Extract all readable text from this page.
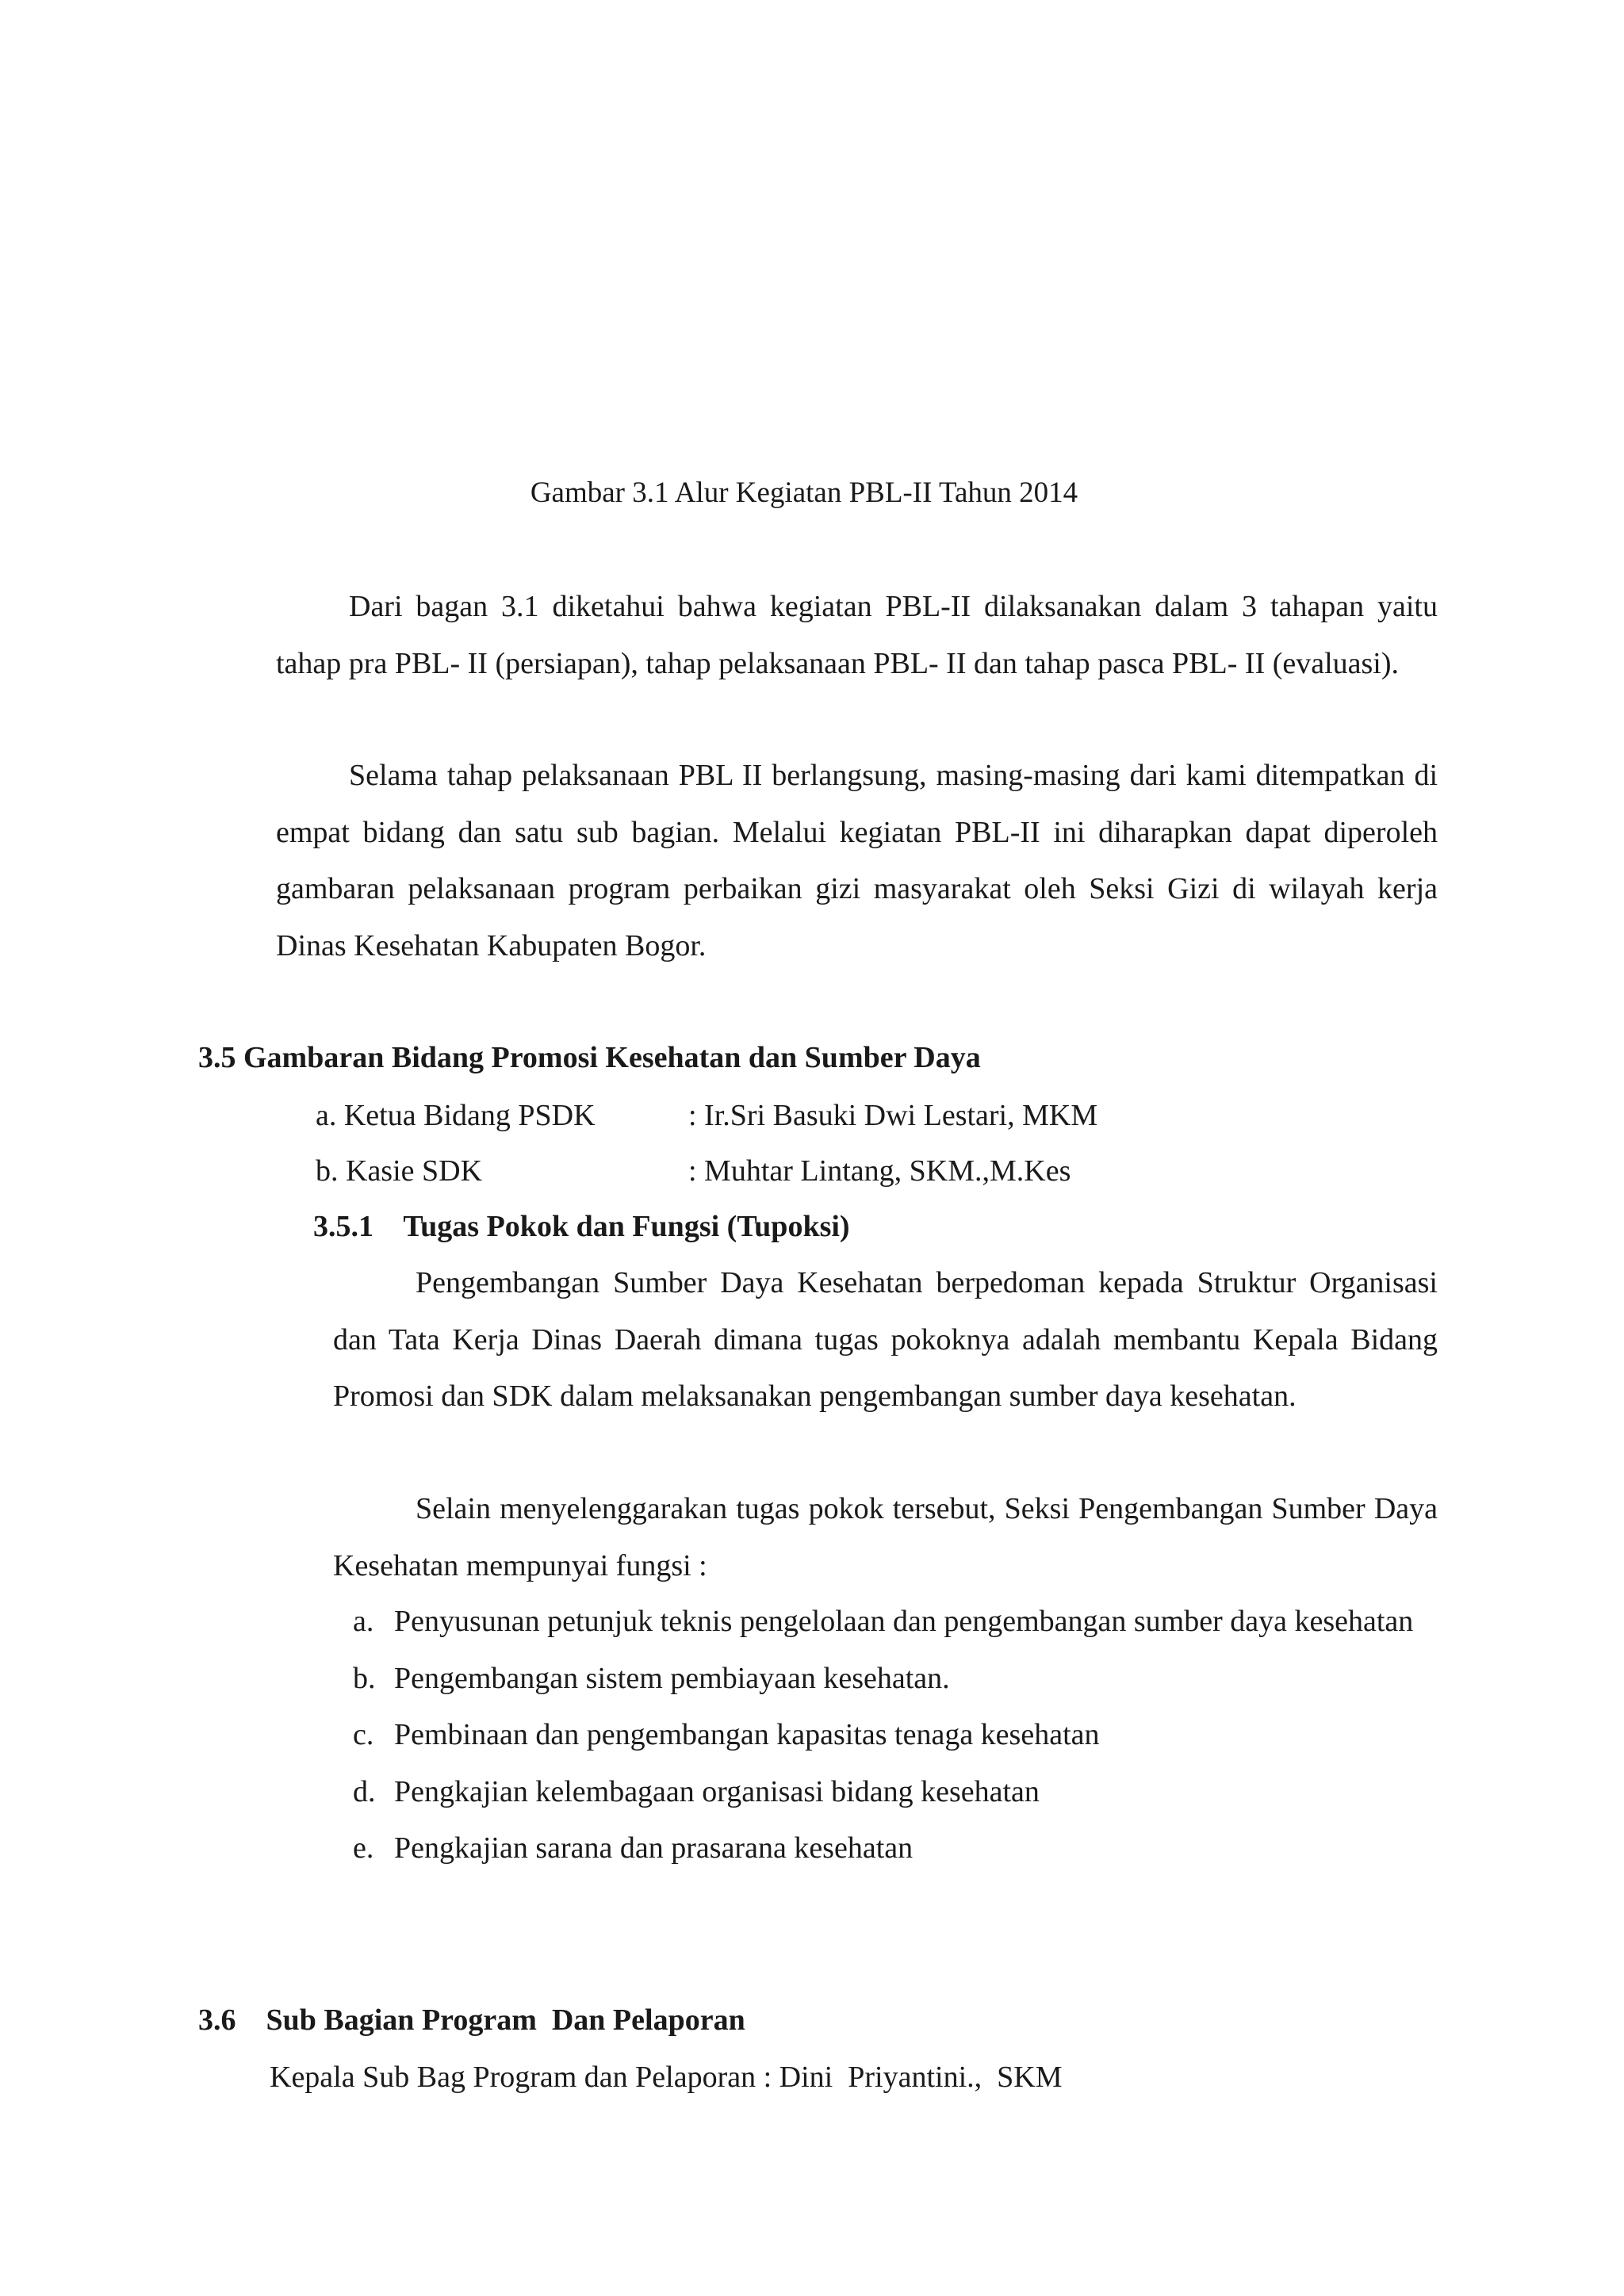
Gambar 3.1 Alur Kegiatan PBL-II Tahun 2014

Dari bagan 3.1 diketahui bahwa kegiatan PBL-II dilaksanakan dalam 3 tahapan yaitu tahap pra PBL- II (persiapan), tahap pelaksanaan PBL- II dan tahap pasca PBL- II (evaluasi).

Selama tahap pelaksanaan PBL II berlangsung, masing-masing dari kami ditempatkan di empat bidang dan satu sub bagian. Melalui kegiatan PBL-II ini diharapkan dapat diperoleh gambaran pelaksanaan program perbaikan gizi masyarakat oleh Seksi Gizi di wilayah kerja Dinas Kesehatan Kabupaten Bogor.

3.5 Gambaran Bidang Promosi Kesehatan dan Sumber Daya
a. Ketua Bidang PSDK	: Ir.Sri Basuki Dwi Lestari, MKM
b. Kasie SDK	: Muhtar Lintang, SKM.,M.Kes
3.5.1    Tugas Pokok dan Fungsi (Tupoksi)

Pengembangan Sumber Daya Kesehatan berpedoman kepada Struktur Organisasi dan Tata Kerja Dinas Daerah dimana tugas pokoknya adalah membantu Kepala Bidang Promosi dan SDK dalam melaksanakan pengembangan sumber daya kesehatan.

Selain menyelenggarakan tugas pokok tersebut, Seksi Pengembangan Sumber Daya Kesehatan mempunyai fungsi :

a. Penyusunan petunjuk teknis pengelolaan dan pengembangan sumber daya kesehatan
b. Pengembangan sistem pembiayaan kesehatan.
c. Pembinaan dan pengembangan kapasitas tenaga kesehatan
d. Pengkajian kelembagaan organisasi bidang kesehatan
e. Pengkajian sarana dan prasarana kesehatan
3.6    Sub Bagian Program  Dan Pelaporan
Kepala Sub Bag Program dan Pelaporan : Dini  Priyantini.,  SKM
